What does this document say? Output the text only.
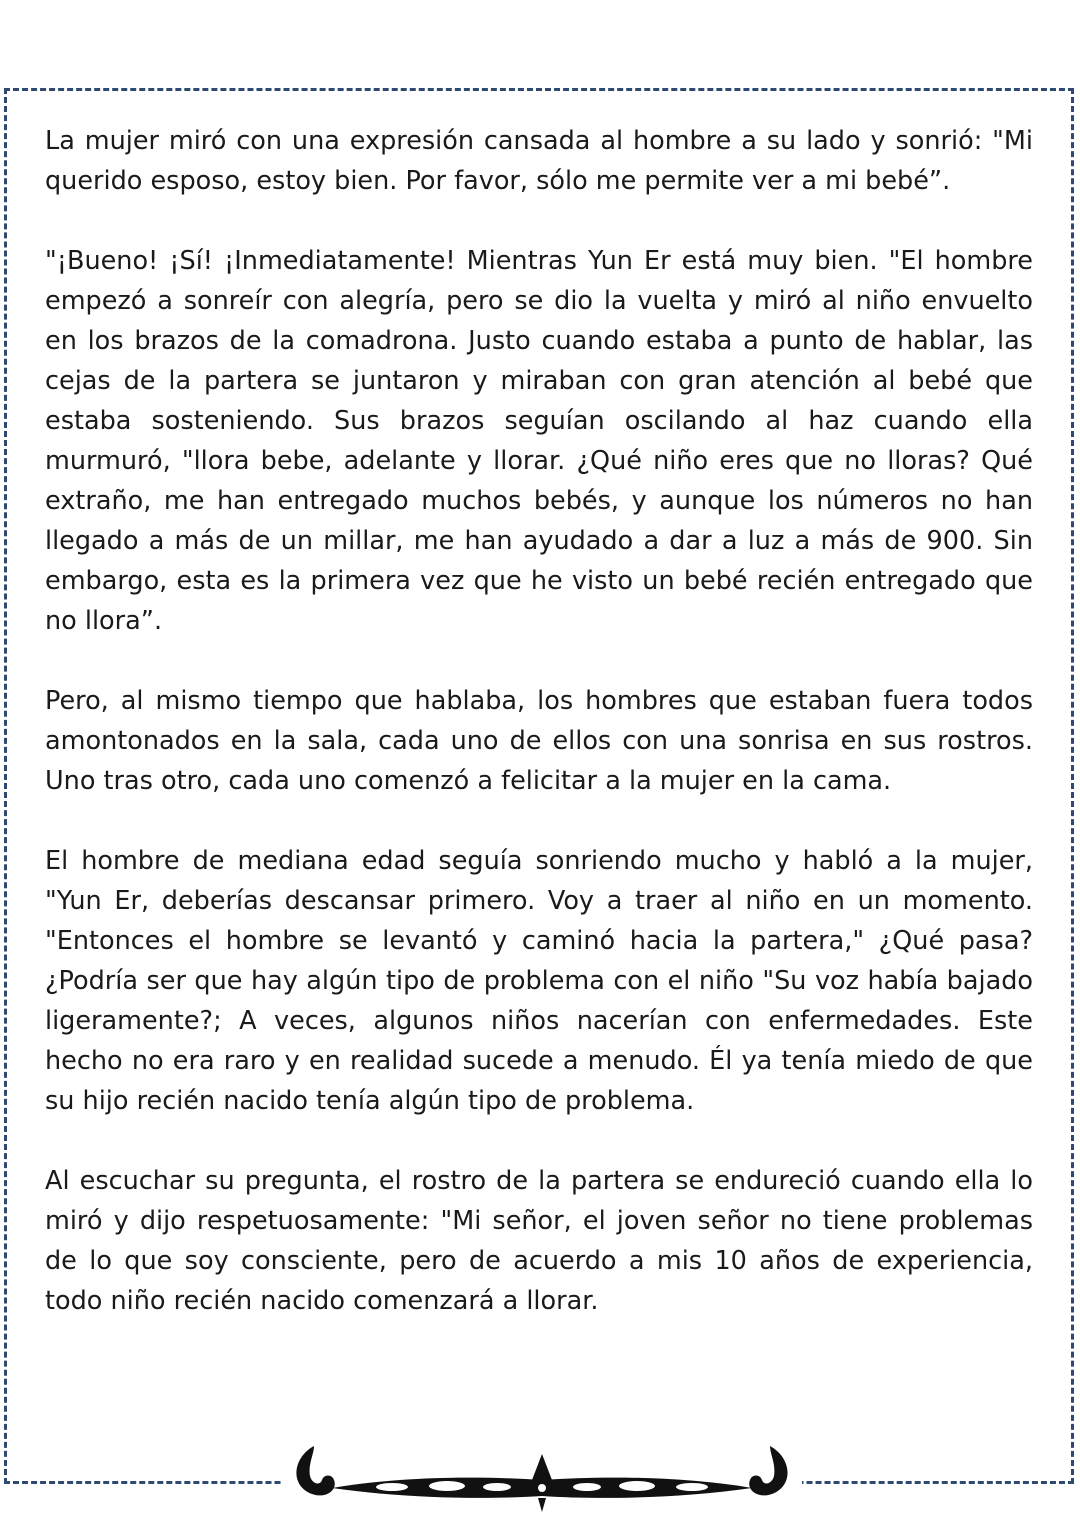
La mujer miró con una expresión cansada al hombre a su lado y sonrió: "Mi querido esposo, estoy bien. Por favor, sólo me permite ver a mi bebé”.

"¡Bueno! ¡Sí! ¡Inmediatamente! Mientras Yun Er está muy bien. "El hombre empezó a sonreír con alegría, pero se dio la vuelta y miró al niño envuelto en los brazos de la comadrona. Justo cuando estaba a punto de hablar, las cejas de la partera se juntaron y miraban con gran atención al bebé que estaba sosteniendo. Sus brazos seguían oscilando al haz cuando ella murmuró, "llora bebe, adelante y llorar. ¿Qué niño eres que no lloras? Qué extraño, me han entregado muchos bebés, y aunque los números no han llegado a más de un millar, me han ayudado a dar a luz a más de 900. Sin embargo, esta es la primera vez que he visto un bebé recién entregado que no llora”.

Pero, al mismo tiempo que hablaba, los hombres que estaban fuera todos amontonados en la sala, cada uno de ellos con una sonrisa en sus rostros. Uno tras otro, cada uno comenzó a felicitar a la mujer en la cama.

El hombre de mediana edad seguía sonriendo mucho y habló a la mujer, "Yun Er, deberías descansar primero. Voy a traer al niño en un momento. "Entonces el hombre se levantó y caminó hacia la partera," ¿Qué pasa? ¿Podría ser que hay algún tipo de problema con el niño "Su voz había bajado ligeramente?; A veces, algunos niños nacerían con enfermedades. Este hecho no era raro y en realidad sucede a menudo. Él ya tenía miedo de que su hijo recién nacido tenía algún tipo de problema.

Al escuchar su pregunta, el rostro de la partera se endureció cuando ella lo miró y dijo respetuosamente: "Mi señor, el joven señor no tiene problemas de lo que soy consciente, pero de acuerdo a mis 10 años de experiencia, todo niño recién nacido comenzará a llorar.
